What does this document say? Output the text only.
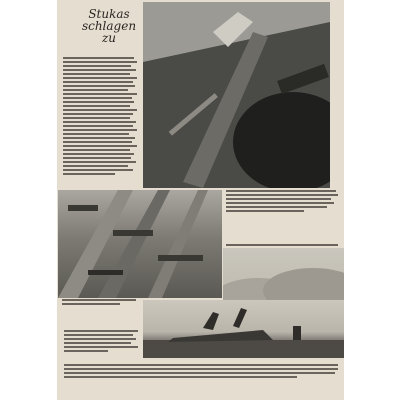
Stukas schlagen zu
